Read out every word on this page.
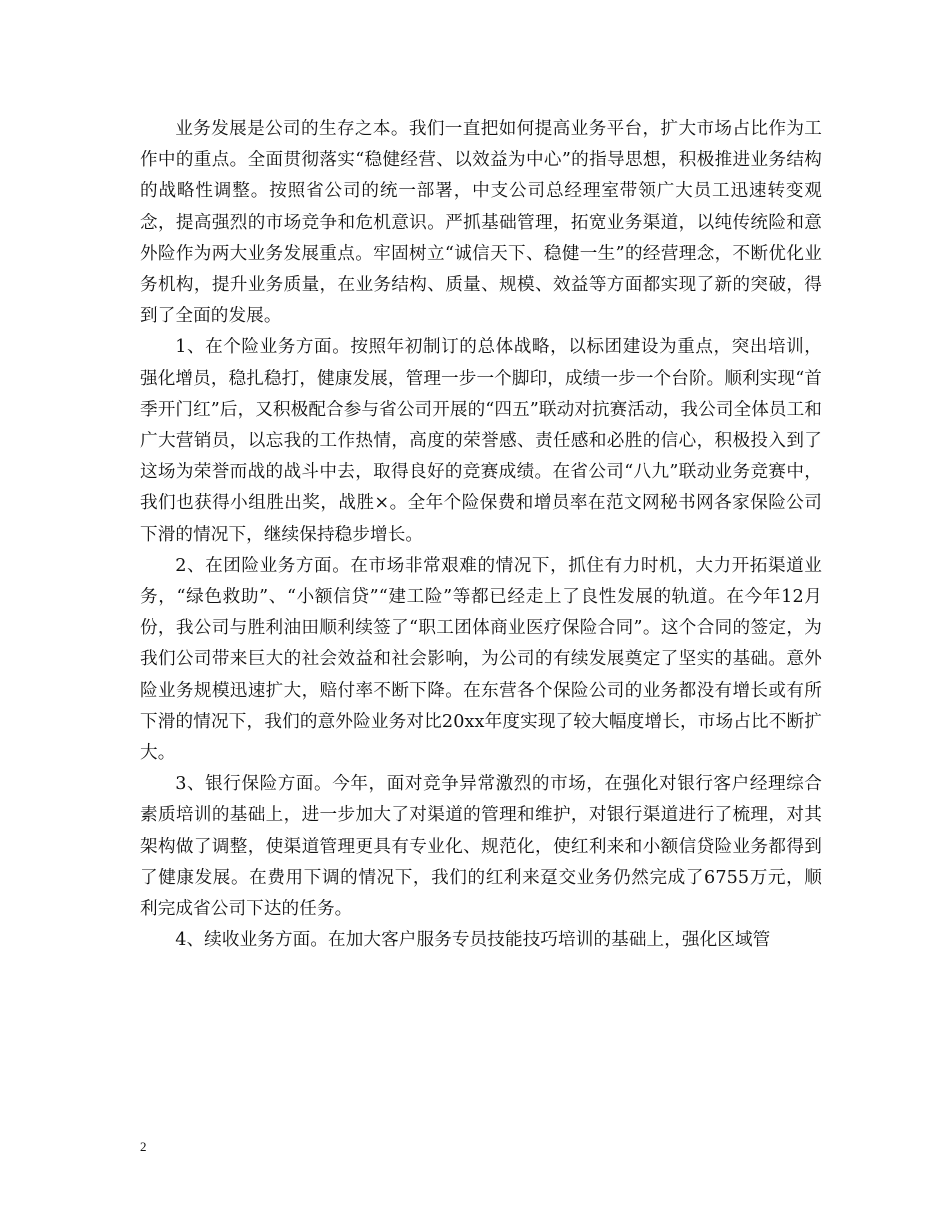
业务发展是公司的生存之本。我们一直把如何提高业务平台，扩大市场占比作为工作中的重点。全面贯彻落实“稳健经营、以效益为中心”的指导思想，积极推进业务结构的战略性调整。按照省公司的统一部署，中支公司总经理室带领广大员工迅速转变观念，提高强烈的市场竞争和危机意识。严抓基础管理，拓宽业务渠道，以纯传统险和意外险作为两大业务发展重点。牢固树立“诚信天下、稳健一生”的经营理念，不断优化业务机构，提升业务质量，在业务结构、质量、规模、效益等方面都实现了新的突破，得到了全面的发展。

1、在个险业务方面。按照年初制订的总体战略，以标团建设为重点，突出培训，强化增员，稳扎稳打，健康发展，管理一步一个脚印，成绩一步一个台阶。顺利实现“首季开门红”后，又积极配合参与省公司开展的“四五”联动对抗赛活动，我公司全体员工和广大营销员，以忘我的工作热情，高度的荣誉感、责任感和必胜的信心，积极投入到了这场为荣誉而战的战斗中去，取得良好的竞赛成绩。在省公司“八九”联动业务竞赛中，我们也获得小组胜出奖，战胜×。全年个险保费和增员率在范文网秘书网各家保险公司下滑的情况下，继续保持稳步增长。

2、在团险业务方面。在市场非常艰难的情况下，抓住有力时机，大力开拓渠道业务，“绿色救助”、“小额信贷”“建工险”等都已经走上了良性发展的轨道。在今年12月份，我公司与胜利油田顺利续签了“职工团体商业医疗保险合同”。这个合同的签定，为我们公司带来巨大的社会效益和社会影响，为公司的有续发展奠定了坚实的基础。意外险业务规模迅速扩大，赔付率不断下降。在东营各个保险公司的业务都没有增长或有所下滑的情况下，我们的意外险业务对比20xx年度实现了较大幅度增长，市场占比不断扩大。

3、银行保险方面。今年，面对竞争异常激烈的市场，在强化对银行客户经理综合素质培训的基础上，进一步加大了对渠道的管理和维护，对银行渠道进行了梳理，对其架构做了调整，使渠道管理更具有专业化、规范化，使红利来和小额信贷险业务都得到了健康发展。在费用下调的情况下，我们的红利来趸交业务仍然完成了6755万元，顺利完成省公司下达的任务。

4、续收业务方面。在加大客户服务专员技能技巧培训的基础上，强化区域管

2
